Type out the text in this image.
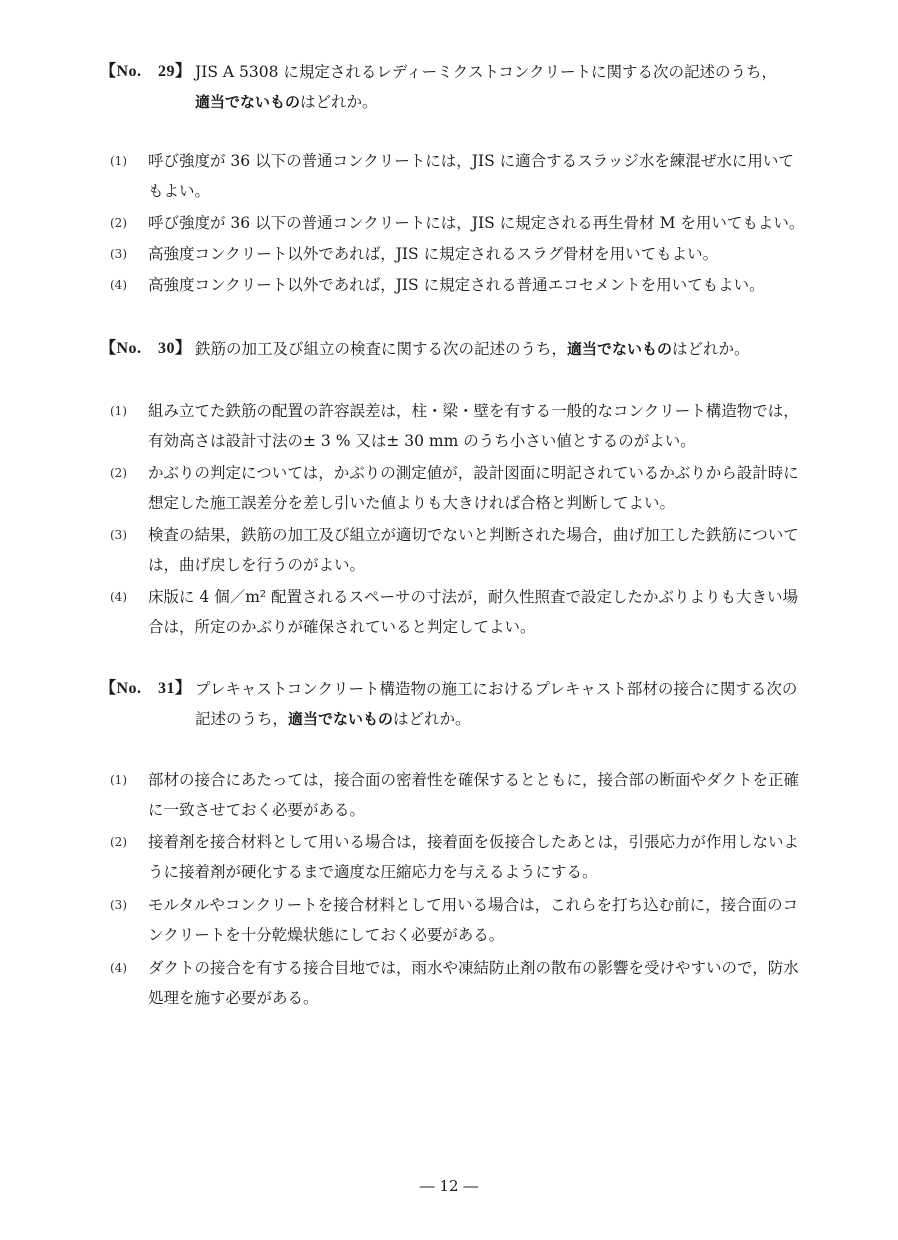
【No.　29】 JIS A 5308 に規定されるレディーミクストコンクリートに関する次の記述のうち，
適当でないものはどれか。
(1) 呼び強度が 36 以下の普通コンクリートには，JIS に適合するスラッジ水を練混ぜ水に用いて
もよい。
(2) 呼び強度が 36 以下の普通コンクリートには，JIS に規定される再生骨材 M を用いてもよい。
(3) 高強度コンクリート以外であれば，JIS に規定されるスラグ骨材を用いてもよい。
(4) 高強度コンクリート以外であれば，JIS に規定される普通エコセメントを用いてもよい。
【No.　30】 鉄筋の加工及び組立の検査に関する次の記述のうち，適当でないものはどれか。
(1) 組み立てた鉄筋の配置の許容誤差は，柱・梁・壁を有する一般的なコンクリート構造物では，
有効高さは設計寸法の± 3 % 又は± 30 mm のうち小さい値とするのがよい。
(2) かぶりの判定については，かぶりの測定値が，設計図面に明記されているかぶりから設計時に
想定した施工誤差分を差し引いた値よりも大きければ合格と判断してよい。
(3) 検査の結果，鉄筋の加工及び組立が適切でないと判断された場合，曲げ加工した鉄筋について
は，曲げ戻しを行うのがよい。
(4) 床版に 4 個／m² 配置されるスペーサの寸法が，耐久性照査で設定したかぶりよりも大きい場
合は，所定のかぶりが確保されていると判定してよい。
【No.　31】 プレキャストコンクリート構造物の施工におけるプレキャスト部材の接合に関する次の
記述のうち，適当でないものはどれか。
(1) 部材の接合にあたっては，接合面の密着性を確保するとともに，接合部の断面やダクトを正確
に一致させておく必要がある。
(2) 接着剤を接合材料として用いる場合は，接着面を仮接合したあとは，引張応力が作用しないよ
うに接着剤が硬化するまで適度な圧縮応力を与えるようにする。
(3) モルタルやコンクリートを接合材料として用いる場合は，これらを打ち込む前に，接合面のコ
ンクリートを十分乾燥状態にしておく必要がある。
(4) ダクトの接合を有する接合目地では，雨水や凍結防止剤の散布の影響を受けやすいので，防水
処理を施す必要がある。
― 12 ―
